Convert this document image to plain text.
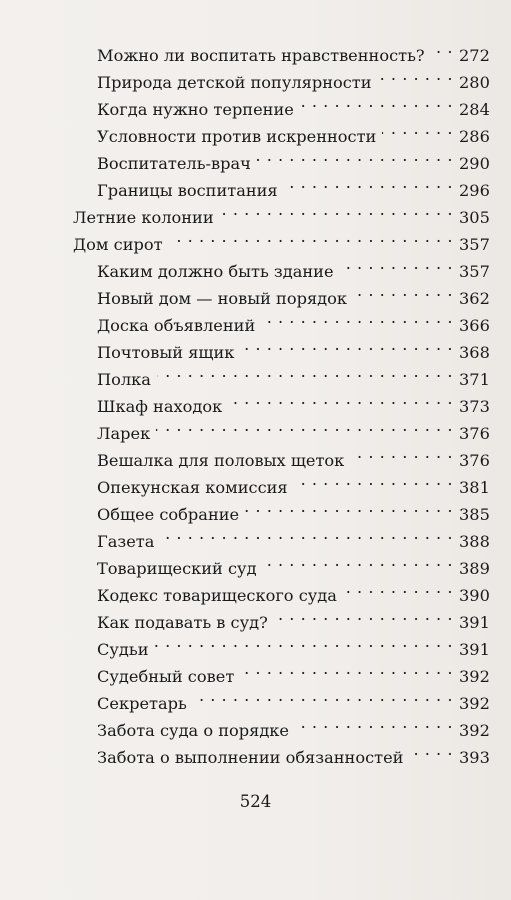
Можно ли воспитать нравственность? . . . 272
Природа детской популярности . . .	280
Когда нужно терпение . . .	284
Условности против искренности . . .	286
Воспитатель-врач . . .	290
Границы воспитания . . .	296
Летние колонии . . .	305
Дом сирот . . .	357
Каким должно быть здание . . .	357
Новый дом — новый порядок . . .	362
Доска объявлений . . .	366
Почтовый ящик . . .	368
Полка . . .	371
Шкаф находок . . .	373
Ларек . . .	376
Вешалка для половых щеток . . .	376
Опекунская комиссия . . .	381
Общее собрание . . .	385
Газета . . .	388
Товарищеский суд . . .	389
Кодекс товарищеского суда . . .	390
Как подавать в суд? . . .	391
Судьи . . .	391
Судебный совет . . .	392
Секретарь . . .	392
Забота суда о порядке . . .	392
Забота о выполнении обязанностей . . .	393
524
